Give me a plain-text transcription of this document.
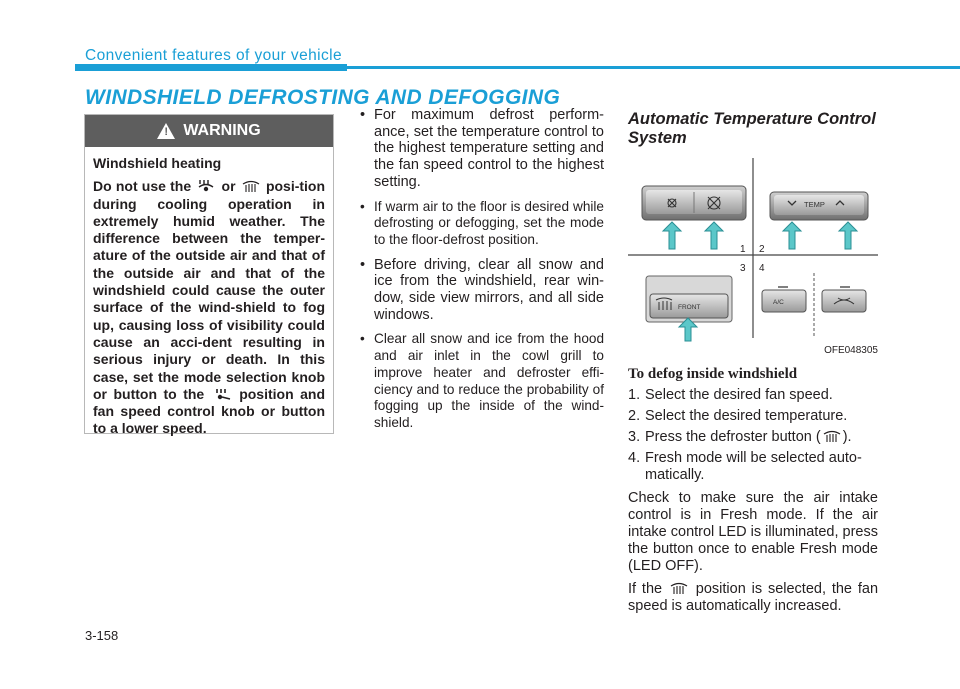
Convenient features of your vehicle
WINDSHIELD DEFROSTING AND DEFOGGING
! WARNING

Windshield heating

Do not use the or posi-tion during cooling operation in extremely humid weather. The difference between the temper-ature of the outside air and that of the outside air and that of the windshield could cause the outer surface of the wind-shield to fog up, causing loss of visibility could cause an acci-dent resulting in serious injury or death. In this case, set the mode selection knob or button to the	position and fan speed control knob or button to a lower speed.

• For maximum defrost perform-ance, set the temperature control to the highest temperature setting and the fan speed control to the highest setting.
• If warm air to the floor is desired while defrosting or defogging, set the mode to the floor-defrost position.
• Before driving, clear all snow and ice from the windshield, rear win-dow, side view mirrors, and all side windows.
• Clear all snow and ice from the hood and air inlet in the cowl grill to improve heater and defroster effi-ciency and to reduce the probability of fogging up the inside of the wind-shield.
Automatic Temperature Control System
TEMP
1 2
3 4
FRONT
A/C
OFE048305
To defog inside windshield
1. Select the desired fan speed.
2. Select the desired temperature.
3. Press the defroster button ( ).
4. Fresh mode will be selected auto-matically.

Check to make sure the air intake control is in Fresh mode. If the air intake control LED is illuminated, press the button once to enable Fresh mode (LED OFF).

If the position is selected, the fan speed is automatically increased.

3-158
